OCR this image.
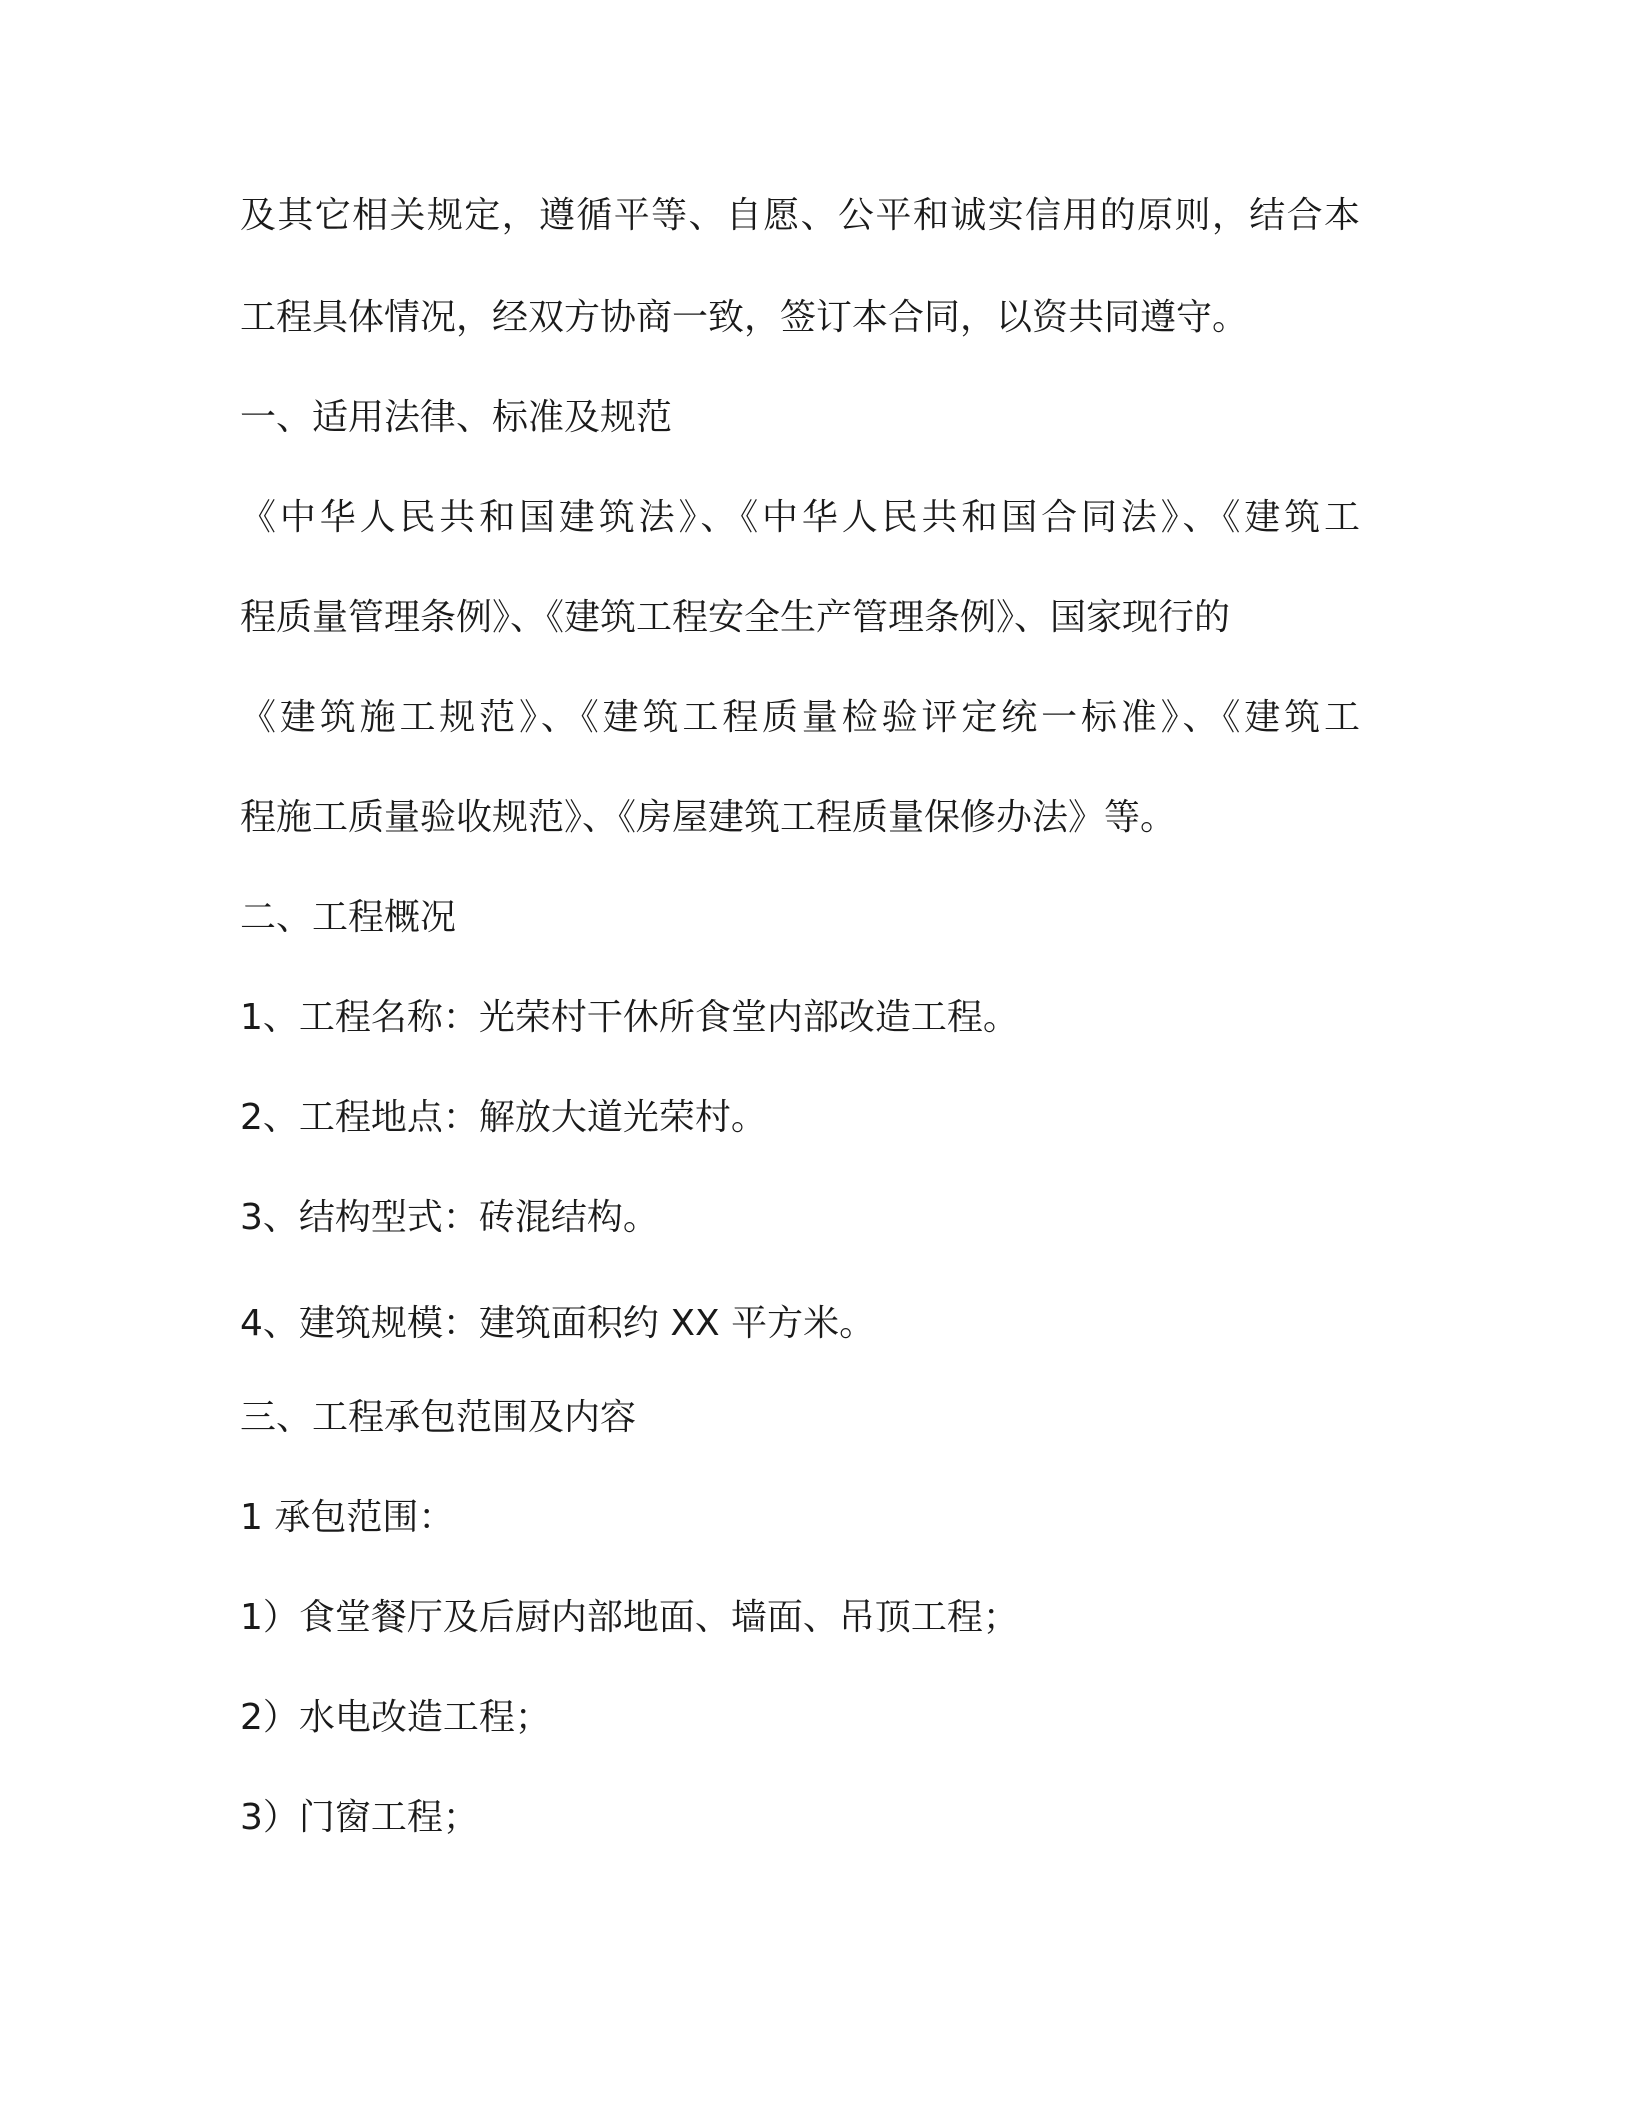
及其它相关规定，遵循平等、自愿、公平和诚实信用的原则，结合本
工程具体情况，经双方协商一致，签订本合同，以资共同遵守。
一、适用法律、标准及规范
《中华人民共和国建筑法》、《中华人民共和国合同法》、《建筑工
程质量管理条例》、《建筑工程安全生产管理条例》、国家现行的
《建筑施工规范》、《建筑工程质量检验评定统一标准》、《建筑工
程施工质量验收规范》、《房屋建筑工程质量保修办法》等。
二、工程概况
1、工程名称：光荣村干休所食堂内部改造工程。
2、工程地点：解放大道光荣村。
3、结构型式：砖混结构。
4、建筑规模：建筑面积约 XX 平方米。
三、工程承包范围及内容
1 承包范围：
1）食堂餐厅及后厨内部地面、墙面、吊顶工程；
2）水电改造工程；
3）门窗工程；
